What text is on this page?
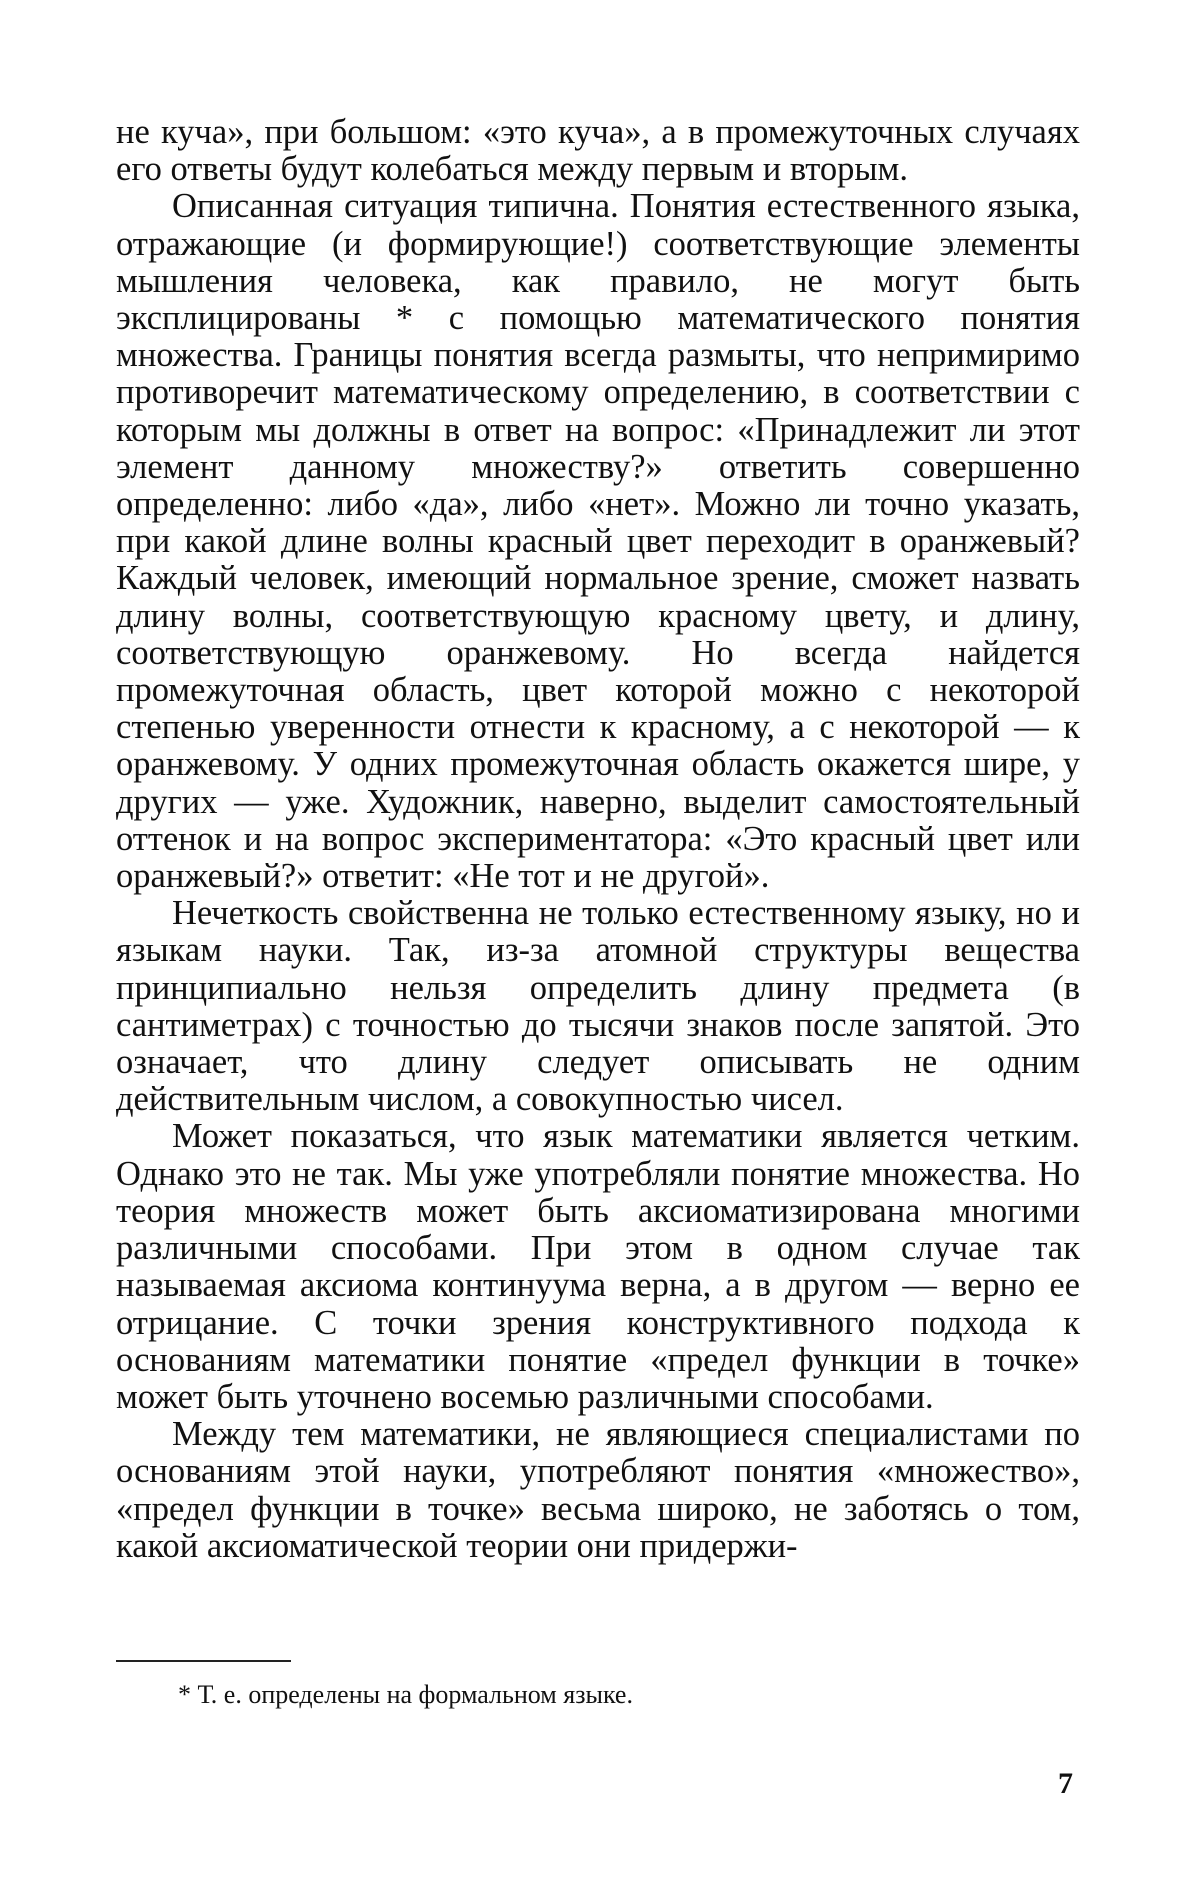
не куча», при большом: «это куча», а в промежуточных случаях его ответы будут колебаться между первым и вторым.

Описанная ситуация типична. Понятия естественного языка, отражающие (и формирующие!) соответствующие элементы мышления человека, как правило, не могут быть эксплицированы * с помощью математического понятия множества. Границы понятия всегда размыты, что непримиримо противоречит математическому определению, в соответствии с которым мы должны в ответ на вопрос: «Принадлежит ли этот элемент данному множеству?» ответить совершенно определенно: либо «да», либо «нет». Можно ли точно указать, при какой длине волны красный цвет переходит в оранжевый? Каждый человек, имеющий нормальное зрение, сможет назвать длину волны, соответствующую красному цвету, и длину, соответствующую оранжевому. Но всегда найдется промежуточная область, цвет которой можно с некоторой степенью уверенности отнести к красному, а с некоторой — к оранжевому. У одних промежуточная область окажется шире, у других — уже. Художник, наверно, выделит самостоятельный оттенок и на вопрос экспериментатора: «Это красный цвет или оранжевый?» ответит: «Не тот и не другой».

Нечеткость свойственна не только естественному языку, но и языкам науки. Так, из-за атомной структуры вещества принципиально нельзя определить длину предмета (в сантиметрах) с точностью до тысячи знаков после запятой. Это означает, что длину следует описывать не одним действительным числом, а совокупностью чисел.

Может показаться, что язык математики является четким. Однако это не так. Мы уже употребляли понятие множества. Но теория множеств может быть аксиоматизирована многими различными способами. При этом в одном случае так называемая аксиома континуума верна, а в другом — верно ее отрицание. С точки зрения конструктивного подхода к основаниям математики понятие «предел функции в точке» может быть уточнено восемью различными способами.

Между тем математики, не являющиеся специалистами по основаниям этой науки, употребляют понятия «множество», «предел функции в точке» весьма широко, не заботясь о том, какой аксиоматической теории они придержи-

* Т. е. определены на формальном языке.
7
